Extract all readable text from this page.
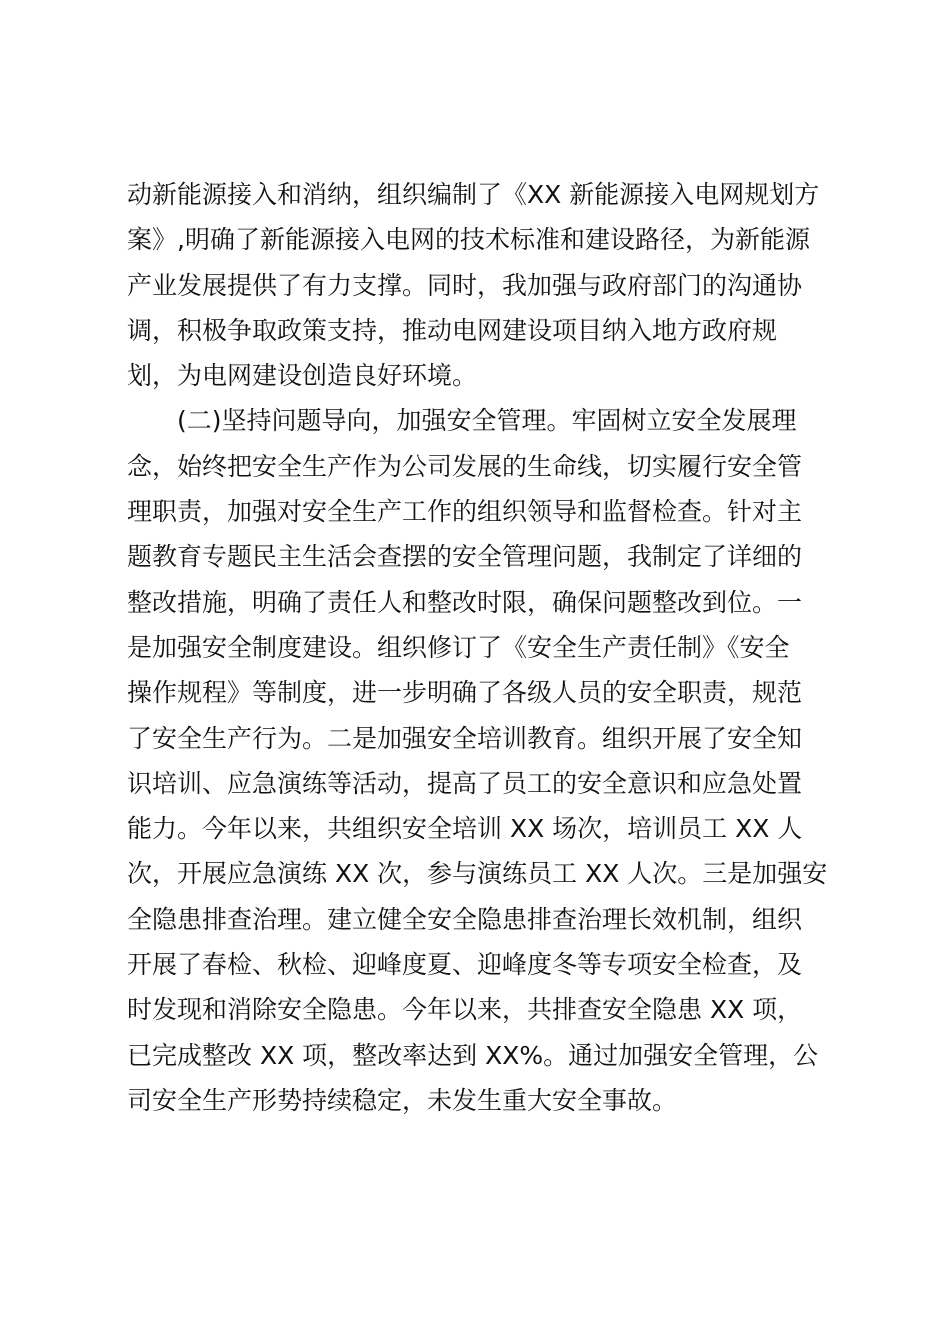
动新能源接入和消纳，组织编制了《XX 新能源接入电网规划方
案》,明确了新能源接入电网的技术标准和建设路径，为新能源
产业发展提供了有力支撑。同时，我加强与政府部门的沟通协
调，积极争取政策支持，推动电网建设项目纳入地方政府规
划，为电网建设创造良好环境。
　　(二)坚持问题导向，加强安全管理。牢固树立安全发展理
念，始终把安全生产作为公司发展的生命线，切实履行安全管
理职责，加强对安全生产工作的组织领导和监督检查。针对主
题教育专题民主生活会查摆的安全管理问题，我制定了详细的
整改措施，明确了责任人和整改时限，确保问题整改到位。一
是加强安全制度建设。组织修订了《安全生产责任制》《安全
操作规程》等制度，进一步明确了各级人员的安全职责，规范
了安全生产行为。二是加强安全培训教育。组织开展了安全知
识培训、应急演练等活动，提高了员工的安全意识和应急处置
能力。今年以来，共组织安全培训 XX 场次，培训员工 XX 人
次，开展应急演练 XX 次，参与演练员工 XX 人次。三是加强安
全隐患排查治理。建立健全安全隐患排查治理长效机制，组织
开展了春检、秋检、迎峰度夏、迎峰度冬等专项安全检查，及
时发现和消除安全隐患。今年以来，共排查安全隐患 XX 项，
已完成整改 XX 项，整改率达到 XX%。通过加强安全管理，公
司安全生产形势持续稳定，未发生重大安全事故。
